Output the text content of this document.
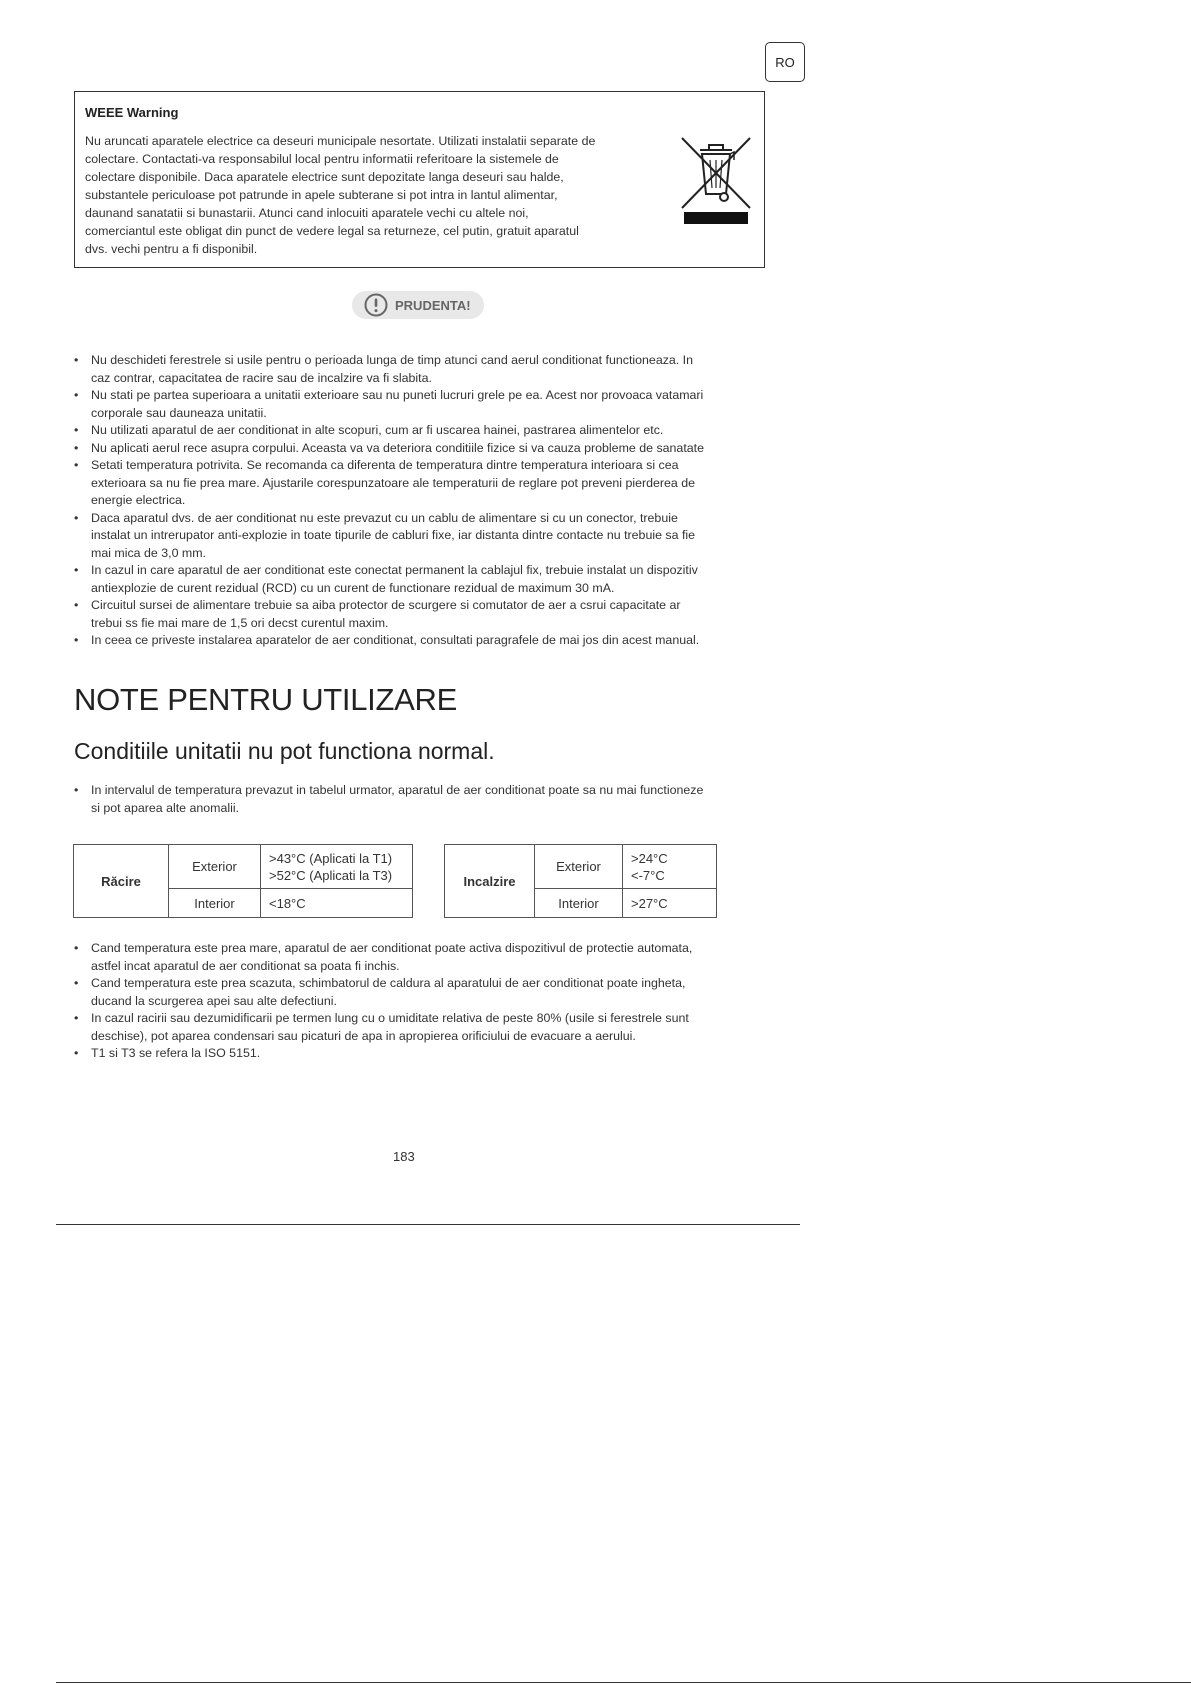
RO
WEEE Warning
Nu aruncati aparatele electrice ca deseuri municipale nesortate. Utilizati instalatii separate de
colectare. Contactati-va responsabilul local pentru informatii referitoare la sistemele de
colectare disponibile. Daca aparatele electrice sunt depozitate langa deseuri sau halde,
substantele periculoase pot patrunde in apele subterane si pot intra in lantul alimentar,
daunand sanatatii si bunastarii. Atunci cand inlocuiti aparatele vechi cu altele noi,
comerciantul este obligat din punct de vedere legal sa returneze, cel putin, gratuit aparatul
dvs. vechi pentru a fi disponibil.
PRUDENTA!
• Nu deschideti ferestrele si usile pentru o perioada lunga de timp atunci cand aerul conditionat functioneaza. In
caz contrar, capacitatea de racire sau de incalzire va fi slabita.
• Nu stati pe partea superioara a unitatii exterioare sau nu puneti lucruri grele pe ea. Acest nor provoaca vatamari
corporale sau dauneaza unitatii.
• Nu utilizati aparatul de aer conditionat in alte scopuri, cum ar fi uscarea hainei, pastrarea alimentelor etc.
• Nu aplicati aerul rece asupra corpului. Aceasta va va deteriora conditiile fizice si va cauza probleme de sanatate
• Setati temperatura potrivita. Se recomanda ca diferenta de temperatura dintre temperatura interioara si cea
exterioara sa nu fie prea mare. Ajustarile corespunzatoare ale temperaturii de reglare pot preveni pierderea de
energie electrica.
• Daca aparatul dvs. de aer conditionat nu este prevazut cu un cablu de alimentare si cu un conector, trebuie
instalat un intrerupator anti-explozie in toate tipurile de cabluri fixe, iar distanta dintre contacte nu trebuie sa fie
mai mica de 3,0 mm.
• In cazul in care aparatul de aer conditionat este conectat permanent la cablajul fix, trebuie instalat un dispozitiv
antiexplozie de curent rezidual (RCD) cu un curent de functionare rezidual de maximum 30 mA.
• Circuitul sursei de alimentare trebuie sa aiba protector de scurgere si comutator de aer a csrui capacitate ar
trebui ss fie mai mare de 1,5 ori decst curentul maxim.
• In ceea ce priveste instalarea aparatelor de aer conditionat, consultati paragrafele de mai jos din acest manual.
NOTE PENTRU UTILIZARE
Conditiile unitatii nu pot functiona normal.
• In intervalul de temperatura prevazut in tabelul urmator, aparatul de aer conditionat poate sa nu mai functioneze
si pot aparea alte anomalii.
Răcire	Exterior	>43°C (Aplicati la T1)
>52°C (Aplicati la T3)

	Interior	<18°C
Incalzire	Exterior	>24°C
<-7°C

	Interior	>27°C
• Cand temperatura este prea mare, aparatul de aer conditionat poate activa dispozitivul de protectie automata,
astfel incat aparatul de aer conditionat sa poata fi inchis.
• Cand temperatura este prea scazuta, schimbatorul de caldura al aparatului de aer conditionat poate ingheta,
ducand la scurgerea apei sau alte defectiuni.
• In cazul racirii sau dezumidificarii pe termen lung cu o umiditate relativa de peste 80% (usile si ferestrele sunt
deschise), pot aparea condensari sau picaturi de apa in apropierea orificiului de evacuare a aerului.
• T1 si T3 se refera la ISO 5151.
183
